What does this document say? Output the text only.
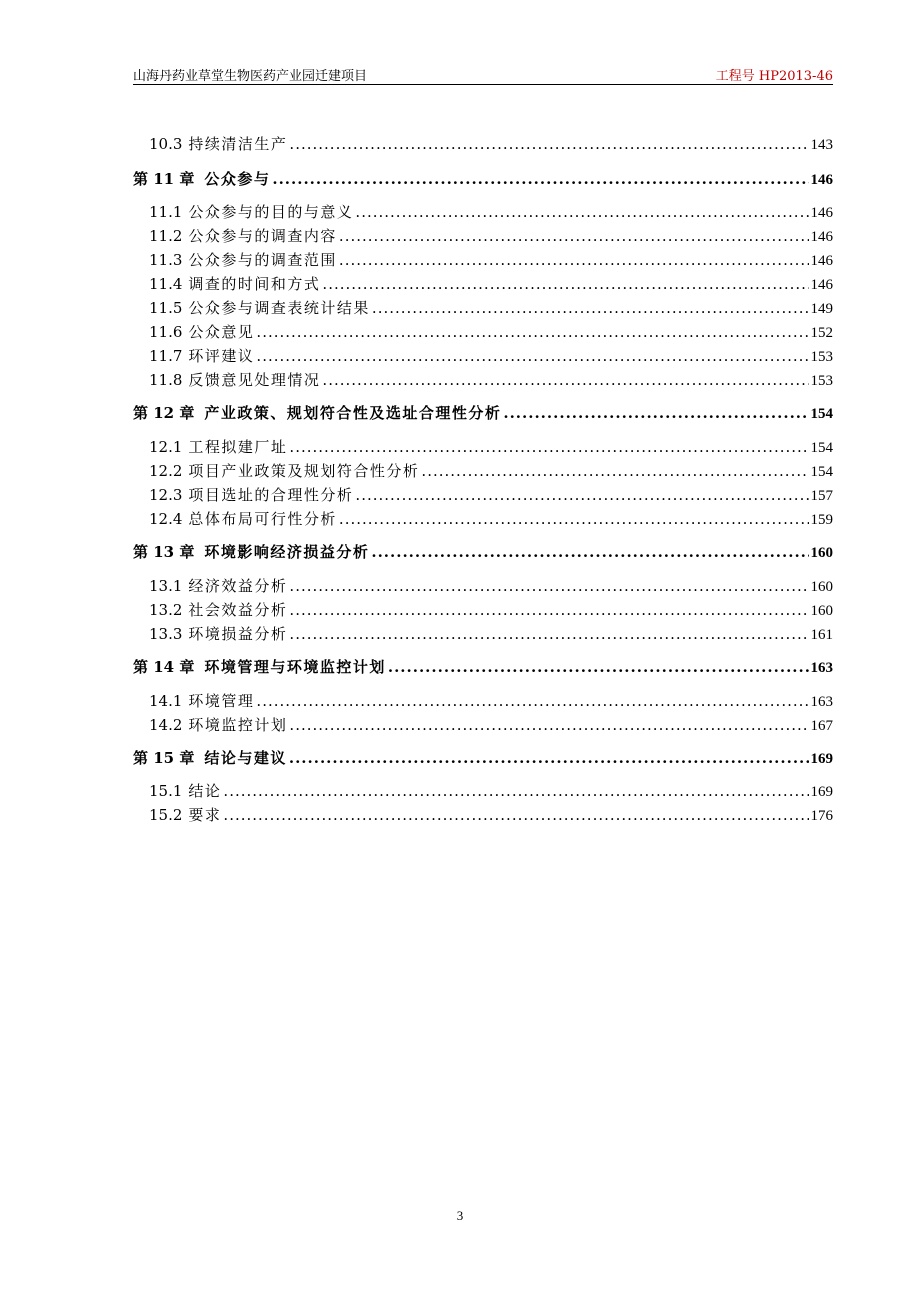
山海丹药业草堂生物医药产业园迁建项目	工程号 HP2013-46
10.3 持续清洁生产 .....	143
第 11 章 公众参与 .....	146
11.1 公众参与的目的与意义 .....	146
11.2 公众参与的调查内容 .....	146
11.3 公众参与的调查范围 .....	146
11.4 调查的时间和方式 .....	146
11.5 公众参与调查表统计结果 .....	149
11.6 公众意见 .....	152
11.7 环评建议 .....	153
11.8 反馈意见处理情况 .....	153
第 12 章 产业政策、规划符合性及选址合理性分析 .....	154
12.1 工程拟建厂址 .....	154
12.2 项目产业政策及规划符合性分析 .....	154
12.3 项目选址的合理性分析 .....	157
12.4 总体布局可行性分析 .....	159
第 13 章 环境影响经济损益分析 .....	160
13.1 经济效益分析 .....	160
13.2 社会效益分析 .....	160
13.3 环境损益分析 .....	161
第 14 章 环境管理与环境监控计划 .....	163
14.1 环境管理 .....	163
14.2 环境监控计划 .....	167
第 15 章 结论与建议 .....	169
15.1 结论 .....	169
15.2 要求 .....	176
3
